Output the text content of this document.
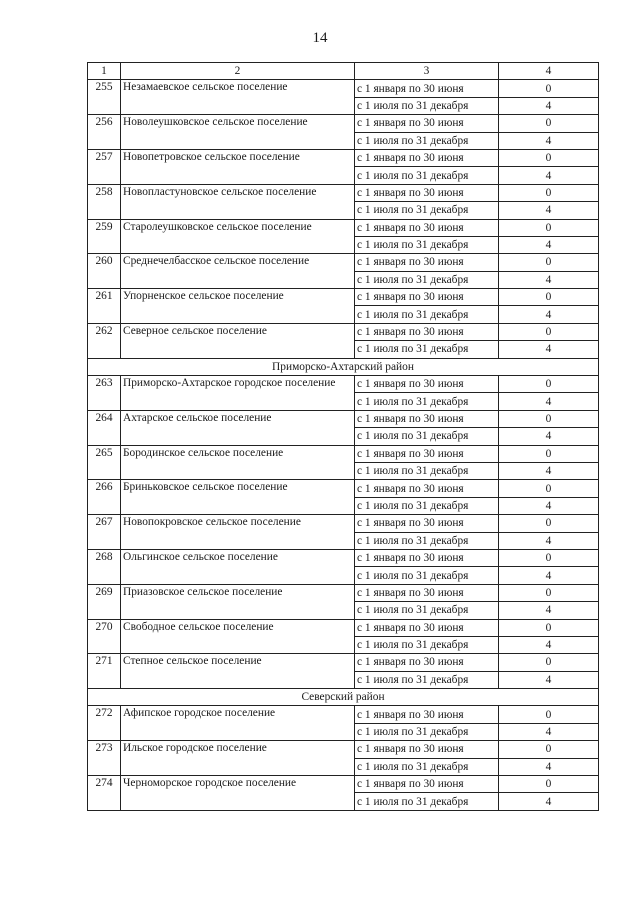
14
1	2	3	4
255	Незамаевское сельское поселение	с 1 января по 30 июня	0
		с 1 июля по 31 декабря	4
256	Новолеушковское сельское поселение	с 1 января по 30 июня	0
		с 1 июля по 31 декабря	4
257	Новопетровское сельское поселение	с 1 января по 30 июня	0
		с 1 июля по 31 декабря	4
258	Новопластуновское сельское поселение	с 1 января по 30 июня	0
		с 1 июля по 31 декабря	4
259	Старолеушковское сельское поселение	с 1 января по 30 июня	0
		с 1 июля по 31 декабря	4
260	Среднечелбасское сельское поселение	с 1 января по 30 июня	0
		с 1 июля по 31 декабря	4
261	Упорненское сельское поселение	с 1 января по 30 июня	0
		с 1 июля по 31 декабря	4
262	Северное сельское поселение	с 1 января по 30 июня	0
		с 1 июля по 31 декабря	4
Приморско-Ахтарский район			
263	Приморско-Ахтарское городское поселение	с 1 января по 30 июня	0
		с 1 июля по 31 декабря	4
264	Ахтарское сельское поселение	с 1 января по 30 июня	0
		с 1 июля по 31 декабря	4
265	Бородинское сельское поселение	с 1 января по 30 июня	0
		с 1 июля по 31 декабря	4
266	Бриньковское сельское поселение	с 1 января по 30 июня	0
		с 1 июля по 31 декабря	4
267	Новопокровское сельское поселение	с 1 января по 30 июня	0
		с 1 июля по 31 декабря	4
268	Ольгинское сельское поселение	с 1 января по 30 июня	0
		с 1 июля по 31 декабря	4
269	Приазовское сельское поселение	с 1 января по 30 июня	0
		с 1 июля по 31 декабря	4
270	Свободное сельское поселение	с 1 января по 30 июня	0
		с 1 июля по 31 декабря	4
271	Степное сельское поселение	с 1 января по 30 июня	0
		с 1 июля по 31 декабря	4
Северский район			
272	Афипское городское поселение	с 1 января по 30 июня	0
		с 1 июля по 31 декабря	4
273	Ильское городское поселение	с 1 января по 30 июня	0
		с 1 июля по 31 декабря	4
274	Черноморское городское поселение	с 1 января по 30 июня	0
		с 1 июля по 31 декабря	4
